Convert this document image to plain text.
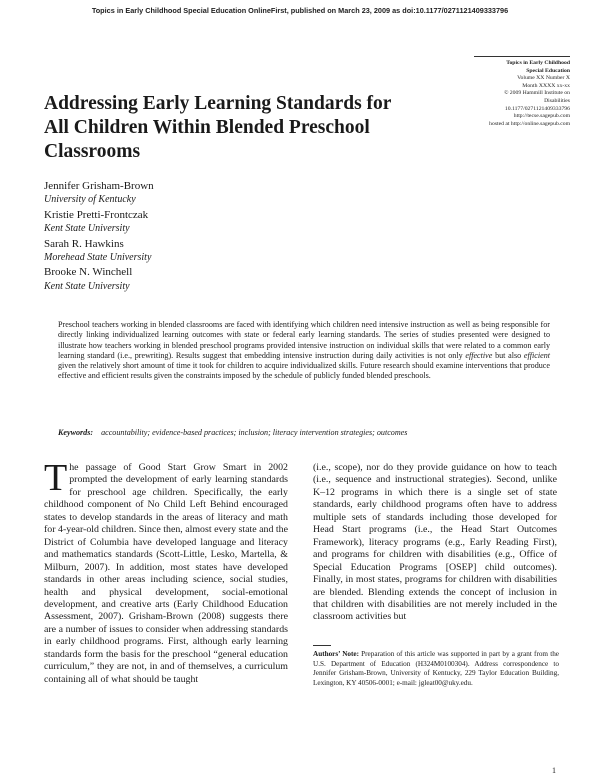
Topics in Early Childhood Special Education OnlineFirst, published on March 23, 2009 as doi:10.1177/0271121409333796
Topics in Early Childhood
Special Education
Volume XX Number X
Month XXXX xx-xx
© 2009 Hammill Institute on
Disabilities
10.1177/0271121409333796
http://tecse.sagepub.com
hosted at http://online.sagepub.com
Addressing Early Learning Standards for All Children Within Blended Preschool Classrooms
Jennifer Grisham-Brown
University of Kentucky
Kristie Pretti-Frontczak
Kent State University
Sarah R. Hawkins
Morehead State University
Brooke N. Winchell
Kent State University

Preschool teachers working in blended classrooms are faced with identifying which children need intensive instruction as well as being responsible for directly linking individualized learning outcomes with state or federal early learning standards. The series of studies presented were designed to illustrate how teachers working in blended preschool programs provided intensive instruction on individual skills that were related to a common early learning standard (i.e., prewriting). Results suggest that embedding intensive instruction during daily activities is not only effective but also efficient given the relatively short amount of time it took for children to acquire individualized skills. Future research should examine interventions that produce effective and efficient results given the constraints imposed by the schedule of publicly funded blended preschools.

Keywords: accountability; evidence-based practices; inclusion; literacy intervention strategies; outcomes

The passage of Good Start Grow Smart in 2002 prompted the development of early learning standards for preschool age children. Specifically, the early childhood component of No Child Left Behind encouraged states to develop standards in the areas of literacy and math for 4-year-old children. Since then, almost every state and the District of Columbia have developed language and literacy and mathematics standards (Scott-Little, Lesko, Martella, & Milburn, 2007). In addition, most states have developed standards in other areas including science, social studies, health and physical development, social-emotional development, and creative arts (Early Childhood Education Assessment, 2007). Grisham-Brown (2008) suggests there are a number of issues to consider when addressing standards in early childhood programs. First, although early learning standards form the basis for the preschool “general education curriculum,” they are not, in and of themselves, a curriculum containing all of what should be taught

(i.e., scope), nor do they provide guidance on how to teach (i.e., sequence and instructional strategies). Second, unlike K–12 programs in which there is a single set of state standards, early childhood programs often have to address multiple sets of standards including those developed for Head Start programs (i.e., the Head Start Outcomes Framework), literacy programs (e.g., Early Reading First), and programs for children with disabilities (e.g., Office of Special Education Programs [OSEP] child outcomes). Finally, in most states, programs for children with disabilities are blended. Blending extends the concept of inclusion in that children with disabilities are not merely included in the classroom activities but

Authors’ Note: Preparation of this article was supported in part by a grant from the U.S. Department of Education (H324M0100304). Address correspondence to Jennifer Grisham-Brown, University of Kentucky, 229 Taylor Education Building, Lexington, KY 40506-0001; e-mail: jgleat00@uky.edu.
1
